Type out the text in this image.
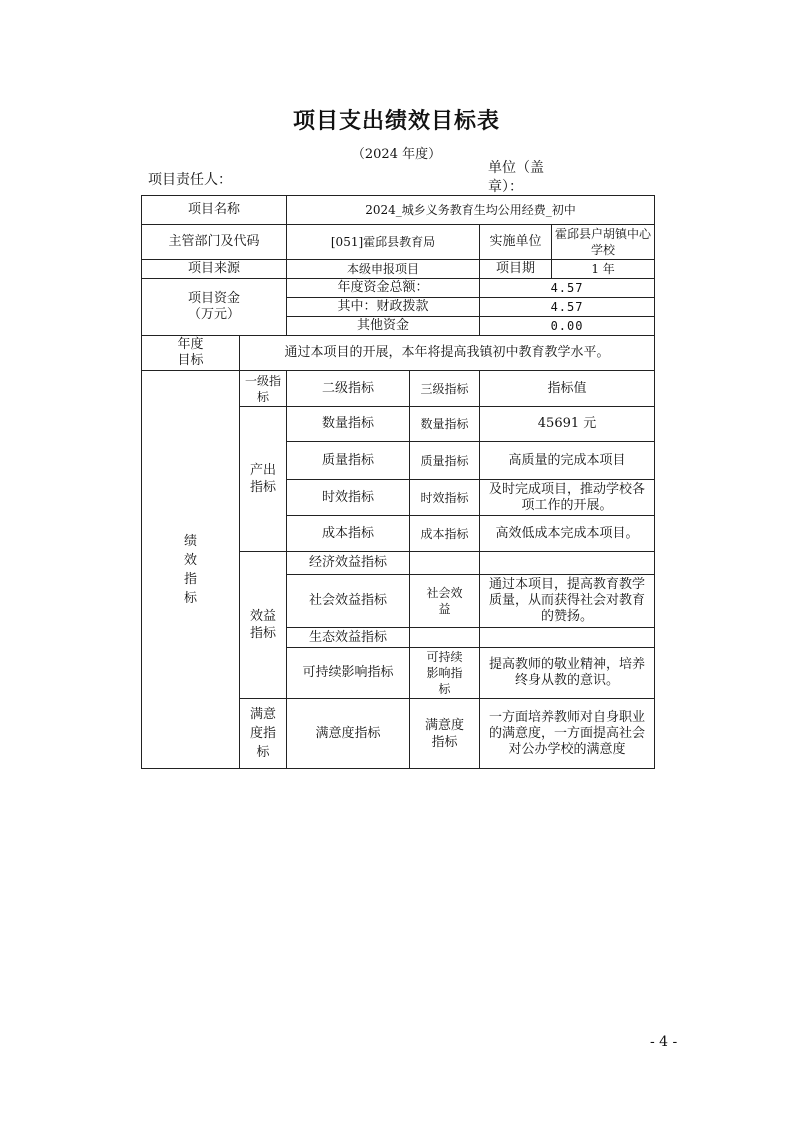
项目支出绩效目标表
（2024 年度）
项目责任人：
单位（盖章）：
项目名称		2024_城乡义务教育生均公用经费_初中			
主管部门及代码		[051]霍邱县教育局		实施单位	霍邱县户胡镇中心学校
项目来源		本级申报项目		项目期	1 年

项目资金
（万元）		年度资金总额：		4.57	
		其中：财政拨款		4.57	
		其他资金		0.00	

年度
目标	通过本项目的开展，本年将提高我镇初中教育教学水平。				

绩效指标	一级指标	二级指标	三级指标	指标值	

	产出指标	数量指标	数量指标	45691 元	
		质量指标	质量指标	高质量的完成本项目	
		时效指标	时效指标	及时完成项目，推动学校各项工作的开展。	
		成本指标	成本指标	高效低成本完成本项目。	

	效益指标	经济效益指标			
		社会效益指标	社会效益	通过本项目，提高教育教学质量，从而获得社会对教育的赞扬。	
		生态效益指标			
		可持续影响指标	可持续影响指标	提高教师的敬业精神，培养终身从教的意识。	

	满意度指标	满意度指标	满意度指标	一方面培养教师对自身职业的满意度，一方面提高社会对公办学校的满意度	
- 4 -
